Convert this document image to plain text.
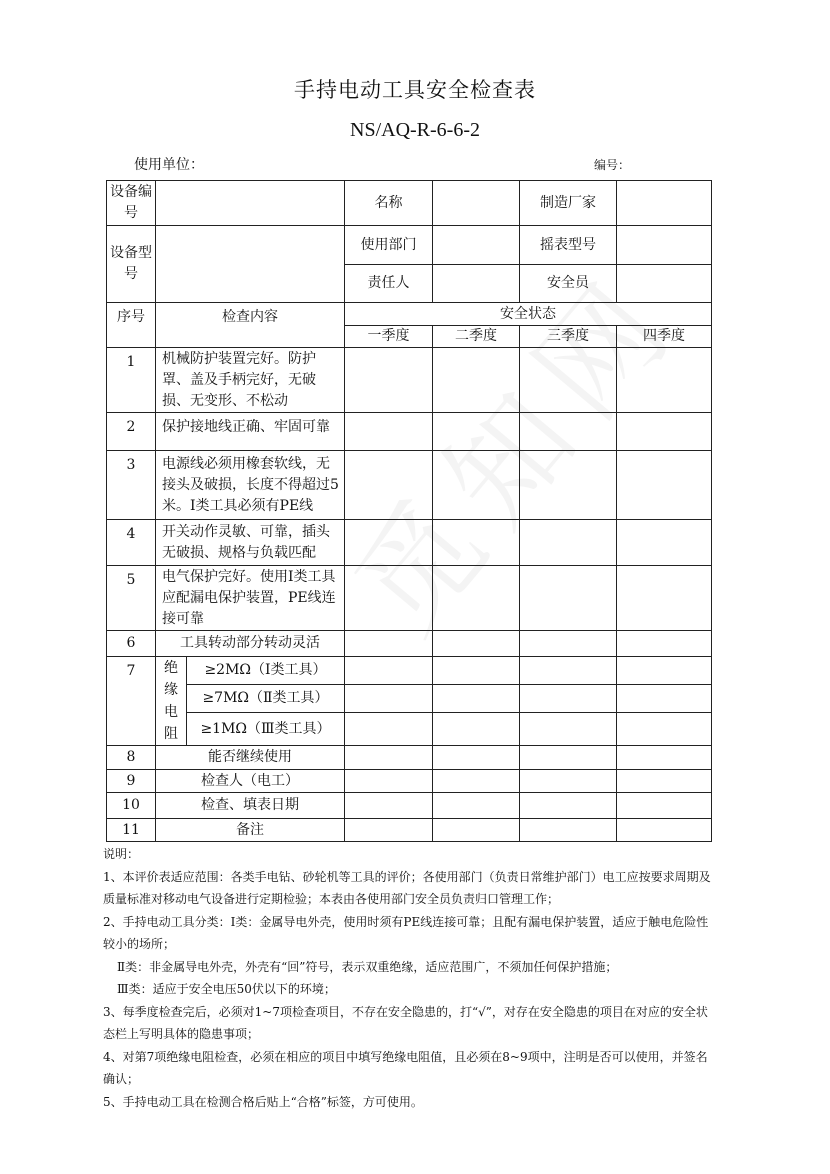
手持电动工具安全检查表
NS/AQ-R-6-6-2
使用单位：	编号：
设备编号			名称		制造厂家	
设备型号			使用部门		摇表型号	
			责任人		安全员	
序号	检查内容		安全状态			
			一季度	二季度	三季度	四季度
1	机械防护装置完好。防护罩、盖及手柄完好，无破损、无变形、不松动					
2	保护接地线正确、牢固可靠					
3	电源线必须用橡套软线，无接头及破损，长度不得超过5米。Ⅰ类工具必须有PE线					
4	开关动作灵敏、可靠，插头无破损、规格与负载匹配					
5	电气保护完好。使用Ⅰ类工具应配漏电保护装置，PE线连接可靠					
6	工具转动部分转动灵活					
7	绝缘电阻	≥2MΩ（Ⅰ类工具）				
		≥7MΩ（Ⅱ类工具）				
		≥1MΩ（Ⅲ类工具）				
8	能否继续使用					
9	检查人（电工）					
10	检查、填表日期					
11	备注					

说明：

1、本评价表适应范围：各类手电钻、砂轮机等工具的评价；各使用部门（负责日常维护部门）电工应按要求周期及质量标准对移动电气设备进行定期检验；本表由各使用部门安全员负责归口管理工作；

2、手持电动工具分类：Ⅰ类：金属导电外壳，使用时须有PE线连接可靠；且配有漏电保护装置，适应于触电危险性较小的场所；

Ⅱ类：非金属导电外壳，外壳有“回”符号，表示双重绝缘，适应范围广，不须加任何保护措施；

Ⅲ类：适应于安全电压50伏以下的环境；

3、每季度检查完后，必须对1~7项检查项目，不存在安全隐患的，打“√”，对存在安全隐患的项目在对应的安全状态栏上写明具体的隐患事项；

4、对第7项绝缘电阻检查，必须在相应的项目中填写绝缘电阻值，且必须在8~9项中，注明是否可以使用，并签名确认；

5、手持电动工具在检测合格后贴上“合格”标签，方可使用。
